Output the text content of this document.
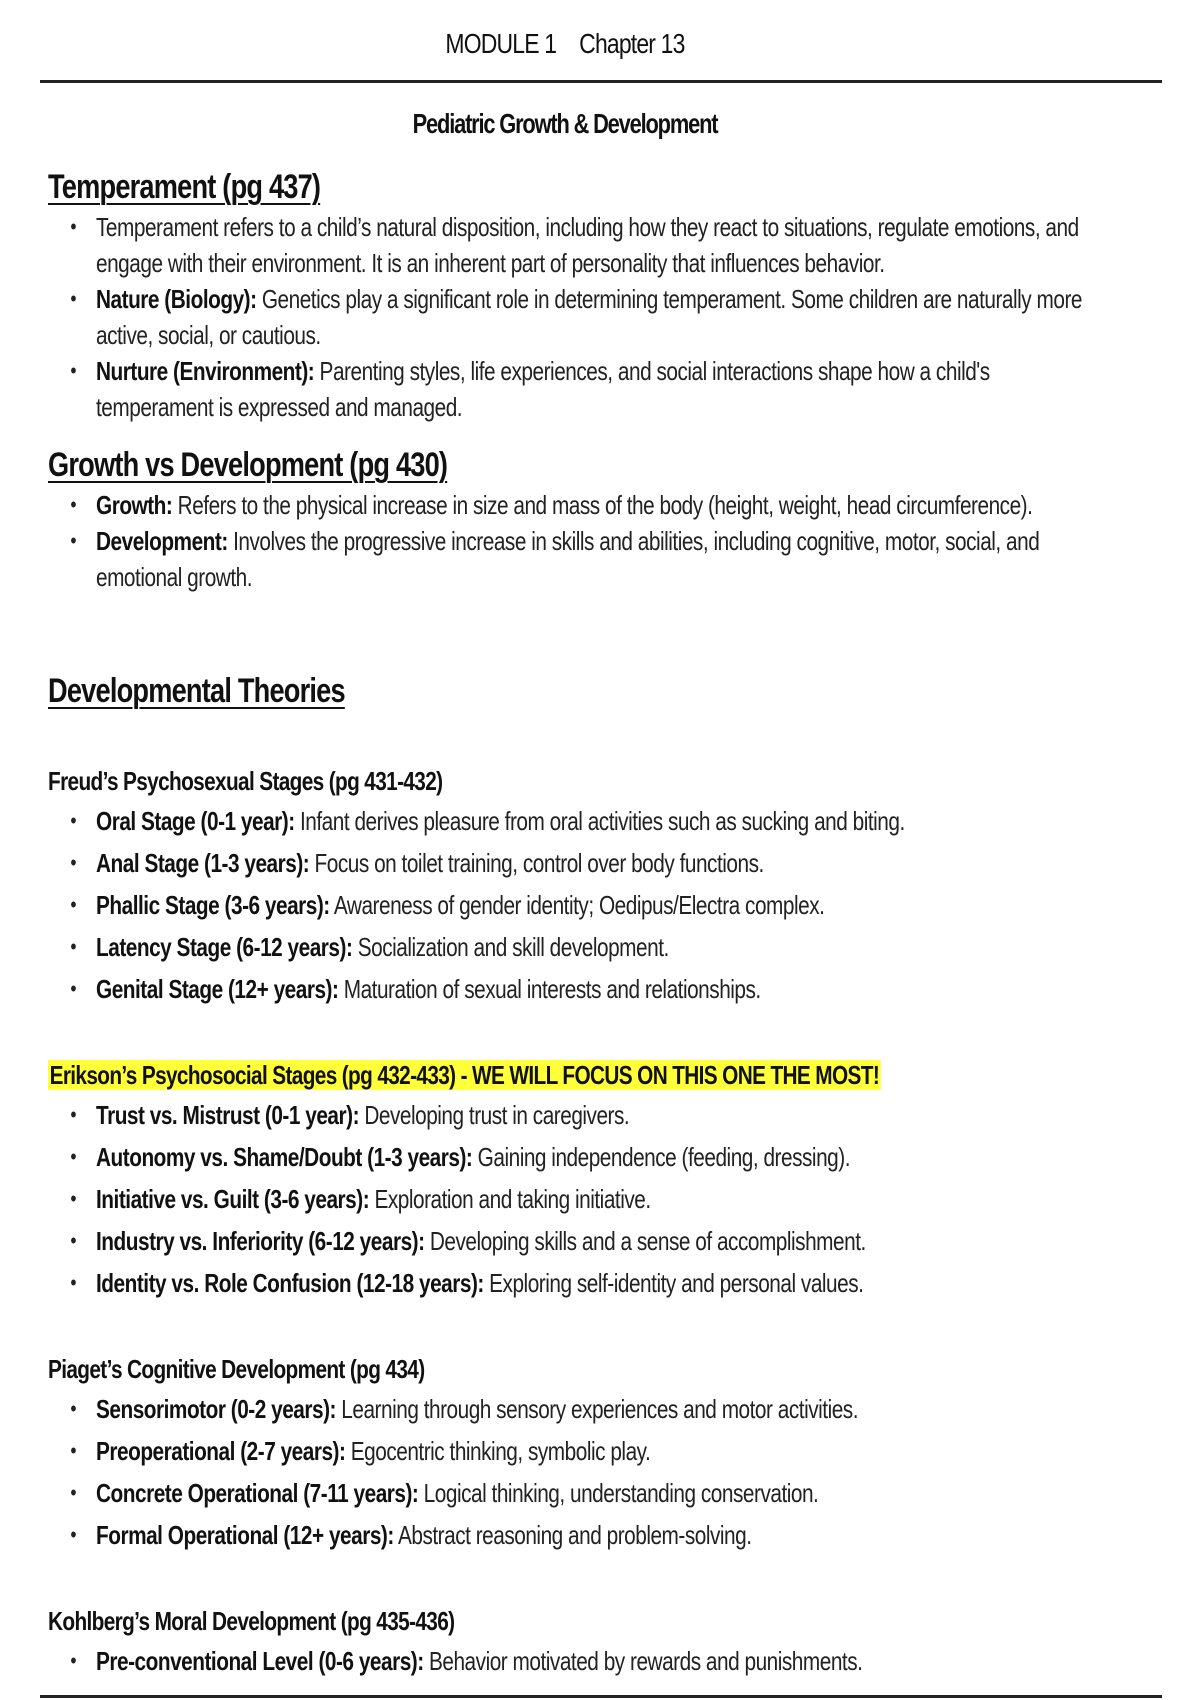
MODULE 1 Chapter 13
Pediatric Growth & Development
Temperament (pg 437)
• Temperament refers to a child’s natural disposition, including how they react to situations, regulate emotions, and engage with their environment. It is an inherent part of personality that influences behavior.
• Nature (Biology): Genetics play a significant role in determining temperament. Some children are naturally more active, social, or cautious.
• Nurture (Environment): Parenting styles, life experiences, and social interactions shape how a child's temperament is expressed and managed.
Growth vs Development (pg 430)
• Growth: Refers to the physical increase in size and mass of the body (height, weight, head circumference).
• Development: Involves the progressive increase in skills and abilities, including cognitive, motor, social, and emotional growth.
Developmental Theories
Freud’s Psychosexual Stages (pg 431-432)
• Oral Stage (0-1 year): Infant derives pleasure from oral activities such as sucking and biting.
• Anal Stage (1-3 years): Focus on toilet training, control over body functions.
• Phallic Stage (3-6 years): Awareness of gender identity; Oedipus/Electra complex.
• Latency Stage (6-12 years): Socialization and skill development.
• Genital Stage (12+ years): Maturation of sexual interests and relationships.
Erikson’s Psychosocial Stages (pg 432-433) - WE WILL FOCUS ON THIS ONE THE MOST!
• Trust vs. Mistrust (0-1 year): Developing trust in caregivers.
• Autonomy vs. Shame/Doubt (1-3 years): Gaining independence (feeding, dressing).
• Initiative vs. Guilt (3-6 years): Exploration and taking initiative.
• Industry vs. Inferiority (6-12 years): Developing skills and a sense of accomplishment.
• Identity vs. Role Confusion (12-18 years): Exploring self-identity and personal values.
Piaget’s Cognitive Development (pg 434)
• Sensorimotor (0-2 years): Learning through sensory experiences and motor activities.
• Preoperational (2-7 years): Egocentric thinking, symbolic play.
• Concrete Operational (7-11 years): Logical thinking, understanding conservation.
• Formal Operational (12+ years): Abstract reasoning and problem-solving.
Kohlberg’s Moral Development (pg 435-436)
• Pre-conventional Level (0-6 years): Behavior motivated by rewards and punishments.
